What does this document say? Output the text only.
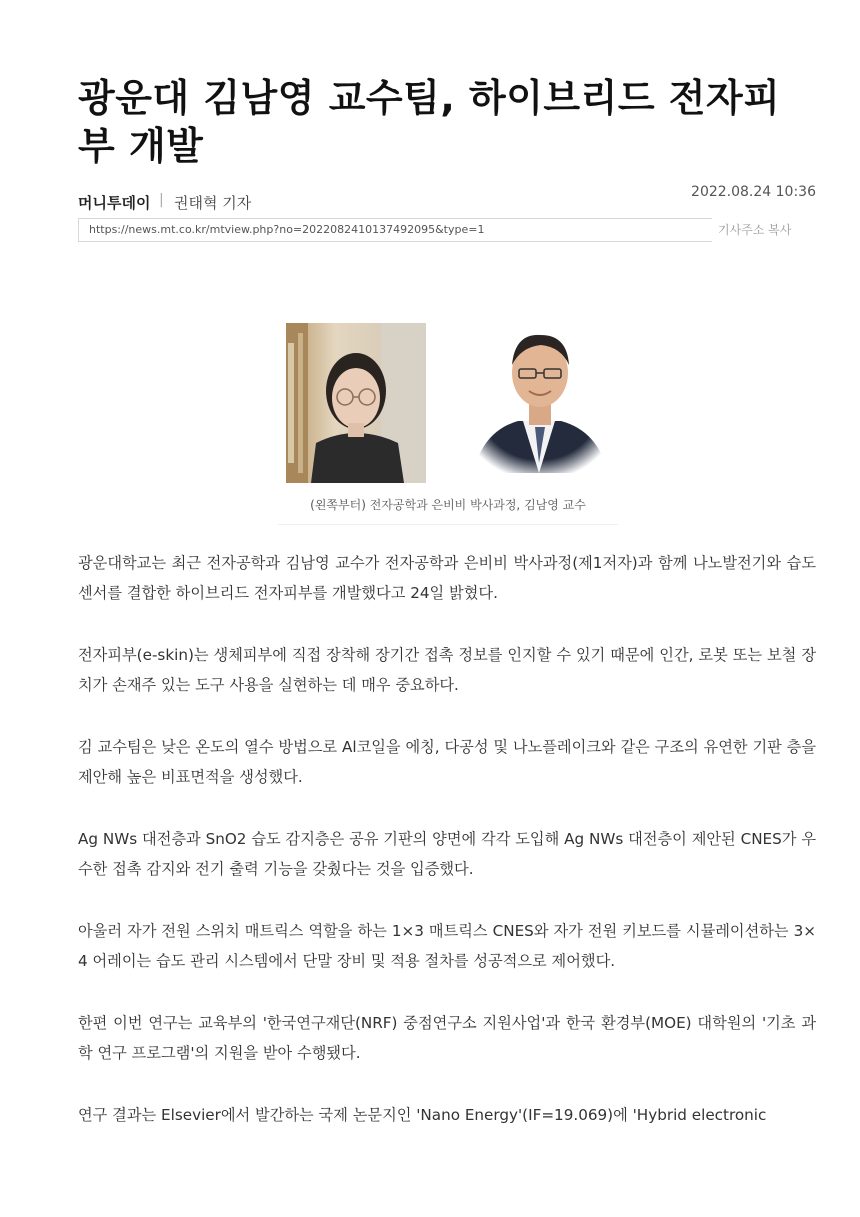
광운대 김남영 교수팀, 하이브리드 전자피부 개발
머니투데이 | 권태혁 기자
2022.08.24 10:36
https://news.mt.co.kr/mtview.php?no=2022082410137492095&type=1	기사주소 복사
(왼쪽부터) 전자공학과 은비비 박사과정, 김남영 교수

광운대학교는 최근 전자공학과 김남영 교수가 전자공학과 은비비 박사과정(제1저자)과 함께 나노발전기와 습도 센서를 결합한 하이브리드 전자피부를 개발했다고 24일 밝혔다.

전자피부(e-skin)는 생체피부에 직접 장착해 장기간 접촉 정보를 인지할 수 있기 때문에 인간, 로봇 또는 보철 장치가 손재주 있는 도구 사용을 실현하는 데 매우 중요하다.

김 교수팀은 낮은 온도의 열수 방법으로 Al코일을 에칭, 다공성 및 나노플레이크와 같은 구조의 유연한 기판 층을 제안해 높은 비표면적을 생성했다.

Ag NWs 대전층과 SnO2 습도 감지층은 공유 기판의 양면에 각각 도입해 Ag NWs 대전층이 제안된 CNES가 우수한 접촉 감지와 전기 출력 기능을 갖췄다는 것을 입증했다.

아울러 자가 전원 스위치 매트릭스 역할을 하는 1×3 매트릭스 CNES와 자가 전원 키보드를 시뮬레이션하는 3×4 어레이는 습도 관리 시스템에서 단말 장비 및 적용 절차를 성공적으로 제어했다.

한편 이번 연구는 교육부의 '한국연구재단(NRF) 중점연구소 지원사업'과 한국 환경부(MOE) 대학원의 '기초 과학 연구 프로그램'의 지원을 받아 수행됐다.

연구 결과는 Elsevier에서 발간하는 국제 논문지인 'Nano Energy'(IF=19.069)에 'Hybrid electronic
